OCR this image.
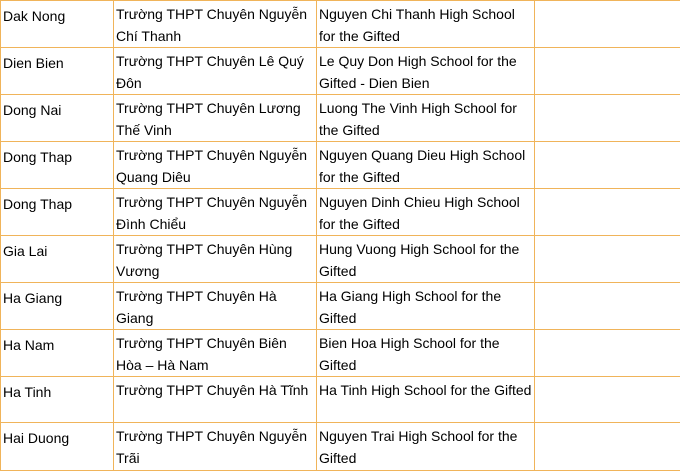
Dak Nong	Trường THPT Chuyên Nguyễn Chí Thanh	Nguyen Chi Thanh High School for the Gifted	

Dien Bien	Trường THPT Chuyên Lê Quý Đôn	Le Quy Don High School for the Gifted - Dien Bien	

Dong Nai	Trường THPT Chuyên Lương Thế Vinh	Luong The Vinh High School for the Gifted	

Dong Thap	Trường THPT Chuyên Nguyễn Quang Diêu	Nguyen Quang Dieu High School for the Gifted	

Dong Thap	Trường THPT Chuyên Nguyễn Đình Chiểu	Nguyen Dinh Chieu High School for the Gifted	

Gia Lai	Trường THPT Chuyên Hùng Vương	Hung Vuong High School for the Gifted	

Ha Giang	Trường THPT Chuyên Hà Giang	Ha Giang High School for the Gifted	

Ha Nam	Trường THPT Chuyên Biên Hòa – Hà Nam	Bien Hoa High School for the Gifted	

Ha Tinh	Trường THPT Chuyên Hà Tĩnh	Ha Tinh High School for the Gifted	

Hai Duong	Trường THPT Chuyên Nguyễn Trãi	Nguyen Trai High School for the Gifted	
